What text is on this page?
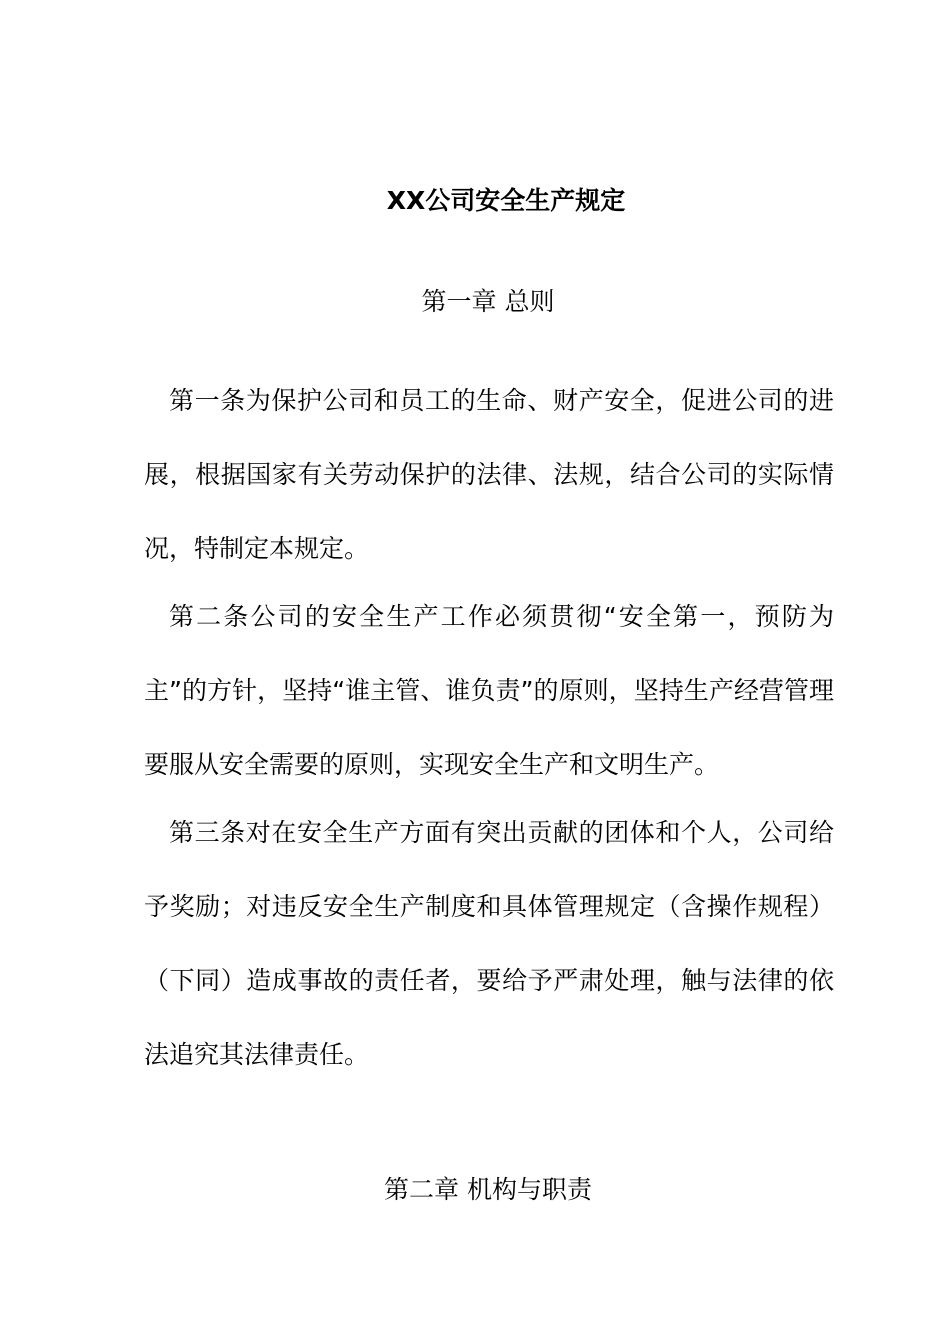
XX公司安全生产规定
第一章 总则

第一条为保护公司和员工的生命、财产安全，促进公司的进展，根据国家有关劳动保护的法律、法规，结合公司的实际情况，特制定本规定。

第二条公司的安全生产工作必须贯彻“安全第一，预防为主”的方针，坚持“谁主管、谁负责”的原则，坚持生产经营管理要服从安全需要的原则，实现安全生产和文明生产。

第三条对在安全生产方面有突出贡献的团体和个人，公司给予奖励；对违反安全生产制度和具体管理规定（含操作规程）（下同）造成事故的责任者，要给予严肃处理，触与法律的依法追究其法律责任。

第二章 机构与职责
